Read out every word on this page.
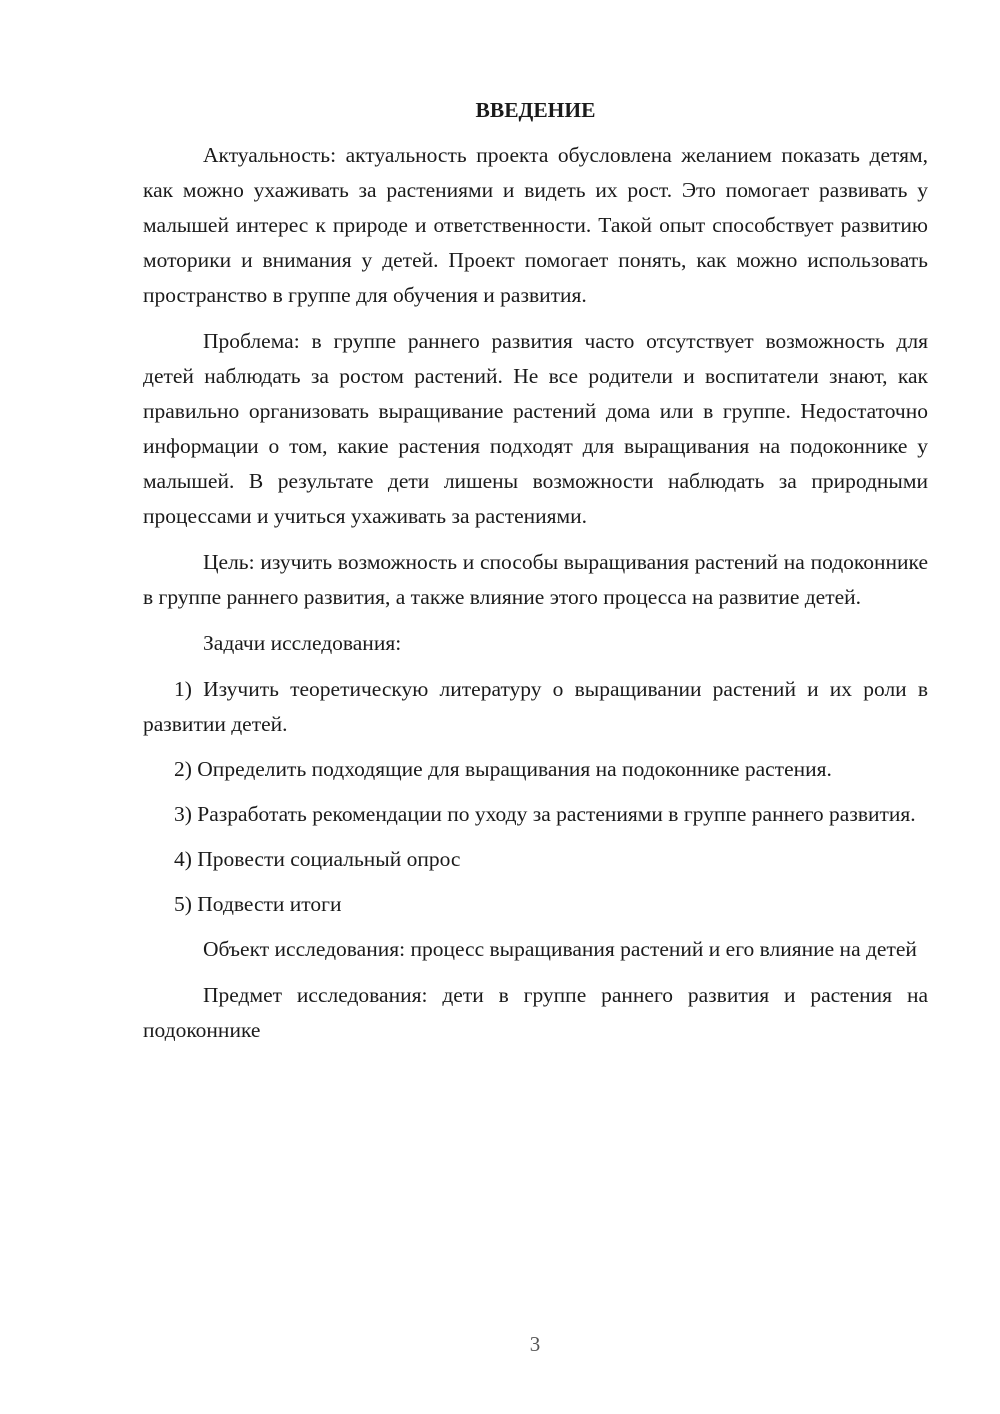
ВВЕДЕНИЕ

Актуальность: актуальность проекта обусловлена желанием показать детям, как можно ухаживать за растениями и видеть их рост. Это помогает развивать у малышей интерес к природе и ответственности. Такой опыт способствует развитию моторики и внимания у детей. Проект помогает понять, как можно использовать пространство в группе для обучения и развития.

Проблема: в группе раннего развития часто отсутствует возможность для детей наблюдать за ростом растений. Не все родители и воспитатели знают, как правильно организовать выращивание растений дома или в группе. Недостаточно информации о том, какие растения подходят для выращивания на подоконнике у малышей. В результате дети лишены возможности наблюдать за природными процессами и учиться ухаживать за растениями.

Цель: изучить возможность и способы выращивания растений на подоконнике в группе раннего развития, а также влияние этого процесса на развитие детей.

Задачи исследования:

1) Изучить теоретическую литературу о выращивании растений и их роли в развитии детей.

2) Определить подходящие для выращивания на подоконнике растения.

3) Разработать рекомендации по уходу за растениями в группе раннего развития.

4) Провести социальный опрос

5) Подвести итоги

Объект исследования: процесс выращивания растений и его влияние на детей

Предмет исследования: дети в группе раннего развития и растения на подоконнике

3
